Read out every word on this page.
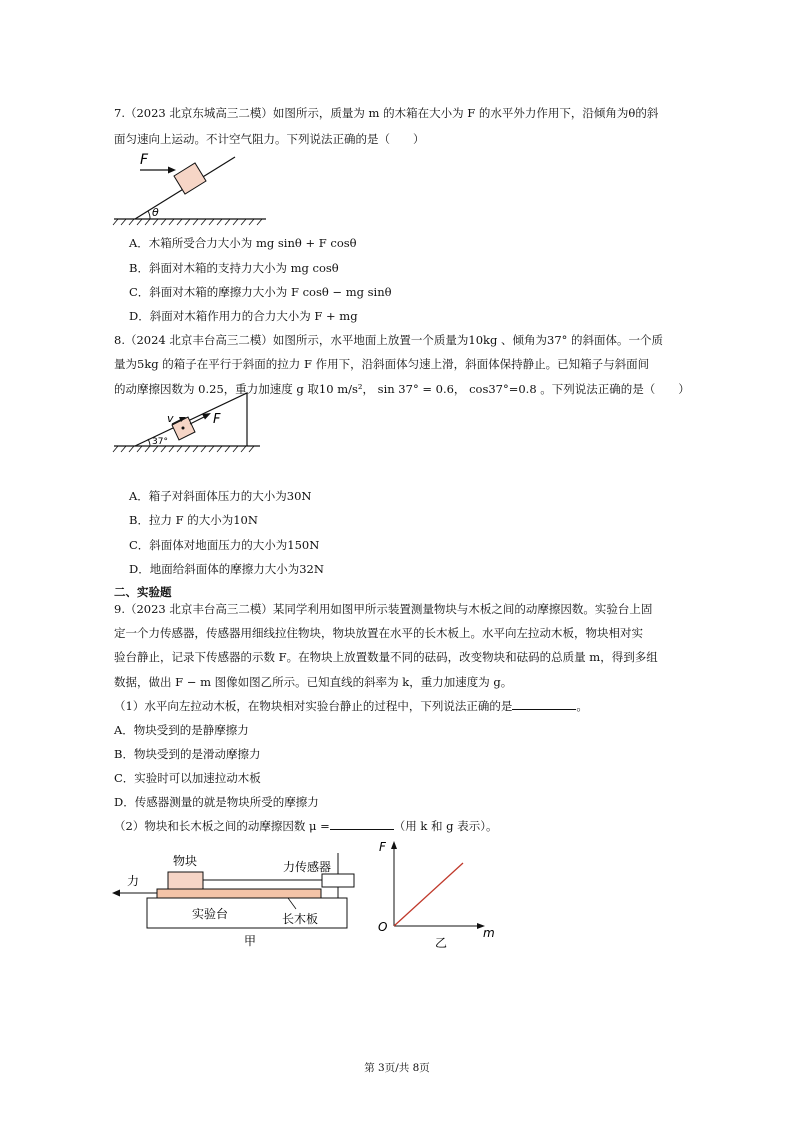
7.（2023 北京东城高三二模）如图所示，质量为 m 的木箱在大小为 F 的水平外力作用下，沿倾角为θ的斜
面匀速向上运动。不计空气阻力。下列说法正确的是（　　）
θ
F
A．木箱所受合力大小为 mg sinθ + F cosθ
B．斜面对木箱的支持力大小为 mg cosθ
C．斜面对木箱的摩擦力大小为 F cosθ − mg sinθ
D．斜面对木箱作用力的合力大小为 F + mg
8.（2024 北京丰台高三二模）如图所示，水平地面上放置一个质量为10kg 、倾角为37° 的斜面体。一个质
量为5kg 的箱子在平行于斜面的拉力 F 作用下，沿斜面体匀速上滑，斜面体保持静止。已知箱子与斜面间
的动摩擦因数为 0.25，重力加速度 g 取10 m/s²， sin 37° = 0.6， cos37°=0.8 。下列说法正确的是（　　）
37°
v	F
A．箱子对斜面体压力的大小为30N
B．拉力 F 的大小为10N
C．斜面体对地面压力的大小为150N
D．地面给斜面体的摩擦力大小为32N
二、实验题
9.（2023 北京丰台高三二模）某同学利用如图甲所示装置测量物块与木板之间的动摩擦因数。实验台上固
定一个力传感器，传感器用细线拉住物块，物块放置在水平的长木板上。水平向左拉动木板，物块相对实
验台静止，记录下传感器的示数 F。在物块上放置数量不同的砝码，改变物块和砝码的总质量 m，得到多组
数据，做出 F − m 图像如图乙所示。已知直线的斜率为 k，重力加速度为 g。
（1）水平向左拉动木板，在物块相对实验台静止的过程中，下列说法正确的是	。
A．物块受到的是静摩擦力
B．物块受到的是滑动摩擦力
C．实验时可以加速拉动木板
D．传感器测量的就是物块所受的摩擦力
（2）物块和长木板之间的动摩擦因数 μ =	（用 k 和 g 表示）。
力
物块	力传感器
实验台	长木板
甲
F
m
O
乙
第 3页/共 8页
